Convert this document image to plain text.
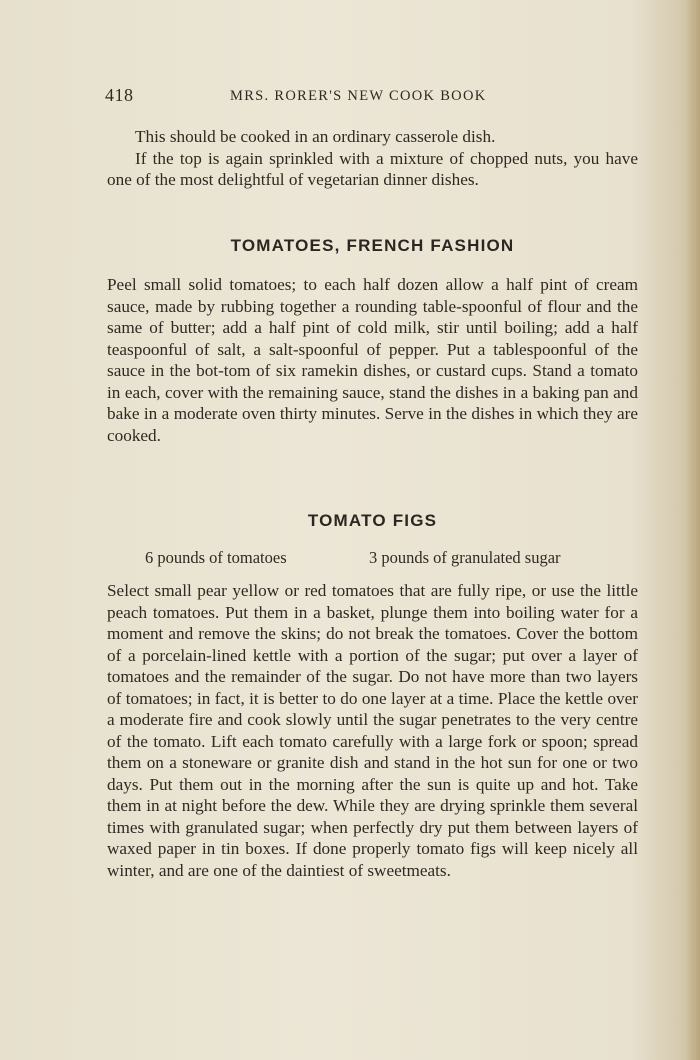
418	MRS. RORER'S NEW COOK BOOK

This should be cooked in an ordinary casserole dish.

If the top is again sprinkled with a mixture of chopped nuts, you have one of the most delightful of vegetarian dinner dishes.

TOMATOES, FRENCH FASHION

Peel small solid tomatoes; to each half dozen allow a half pint of cream sauce, made by rubbing together a rounding table-spoonful of flour and the same of butter; add a half pint of cold milk, stir until boiling; add a half teaspoonful of salt, a salt-spoonful of pepper. Put a tablespoonful of the sauce in the bot-tom of six ramekin dishes, or custard cups. Stand a tomato in each, cover with the remaining sauce, stand the dishes in a baking pan and bake in a moderate oven thirty minutes. Serve in the dishes in which they are cooked.

TOMATO FIGS
6 pounds of tomatoes	3 pounds of granulated sugar

Select small pear yellow or red tomatoes that are fully ripe, or use the little peach tomatoes. Put them in a basket, plunge them into boiling water for a moment and remove the skins; do not break the tomatoes. Cover the bottom of a porcelain-lined kettle with a portion of the sugar; put over a layer of tomatoes and the remainder of the sugar. Do not have more than two layers of tomatoes; in fact, it is better to do one layer at a time. Place the kettle over a moderate fire and cook slowly until the sugar penetrates to the very centre of the tomato. Lift each tomato carefully with a large fork or spoon; spread them on a stoneware or granite dish and stand in the hot sun for one or two days. Put them out in the morning after the sun is quite up and hot. Take them in at night before the dew. While they are drying sprinkle them several times with granulated sugar; when perfectly dry put them between layers of waxed paper in tin boxes. If done properly tomato figs will keep nicely all winter, and are one of the daintiest of sweetmeats.
